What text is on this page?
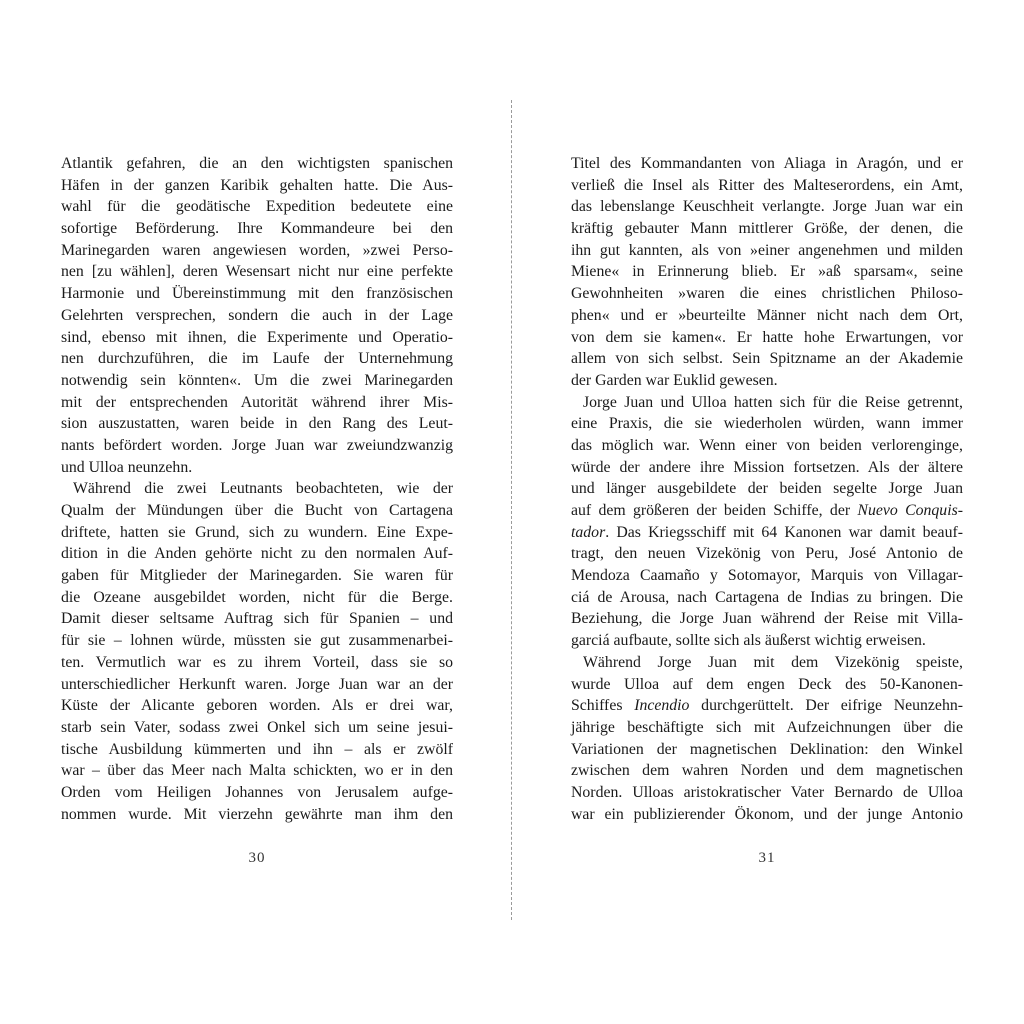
Atlantik gefahren, die an den wichtigsten spanischen
Häfen in der ganzen Karibik gehalten hatte. Die Aus-
wahl für die geodätische Expedition bedeutete eine
sofortige Beförderung. Ihre Kommandeure bei den
Marinegarden waren angewiesen worden, »zwei Perso-
nen [zu wählen], deren Wesensart nicht nur eine perfekte
Harmonie und Übereinstimmung mit den französischen
Gelehrten versprechen, sondern die auch in der Lage
sind, ebenso mit ihnen, die Experimente und Operatio-
nen durchzuführen, die im Laufe der Unternehmung
notwendig sein könnten«. Um die zwei Marinegarden
mit der entsprechenden Autorität während ihrer Mis-
sion auszustatten, waren beide in den Rang des Leut-
nants befördert worden. Jorge Juan war zweiundzwanzig
und Ulloa neunzehn.
Während die zwei Leutnants beobachteten, wie der
Qualm der Mündungen über die Bucht von Cartagena
driftete, hatten sie Grund, sich zu wundern. Eine Expe-
dition in die Anden gehörte nicht zu den normalen Auf-
gaben für Mitglieder der Marinegarden. Sie waren für
die Ozeane ausgebildet worden, nicht für die Berge.
Damit dieser seltsame Auftrag sich für Spanien – und
für sie – lohnen würde, müssten sie gut zusammenarbei-
ten. Vermutlich war es zu ihrem Vorteil, dass sie so
unterschiedlicher Herkunft waren. Jorge Juan war an der
Küste der Alicante geboren worden. Als er drei war,
starb sein Vater, sodass zwei Onkel sich um seine jesui-
tische Ausbildung kümmerten und ihn – als er zwölf
war – über das Meer nach Malta schickten, wo er in den
Orden vom Heiligen Johannes von Jerusalem aufge-
nommen wurde. Mit vierzehn gewährte man ihm den
Titel des Kommandanten von Aliaga in Aragón, und er
verließ die Insel als Ritter des Malteserordens, ein Amt,
das lebenslange Keuschheit verlangte. Jorge Juan war ein
kräftig gebauter Mann mittlerer Größe, der denen, die
ihn gut kannten, als von »einer angenehmen und milden
Miene« in Erinnerung blieb. Er »aß sparsam«, seine
Gewohnheiten »waren die eines christlichen Philoso-
phen« und er »beurteilte Männer nicht nach dem Ort,
von dem sie kamen«. Er hatte hohe Erwartungen, vor
allem von sich selbst. Sein Spitzname an der Akademie
der Garden war Euklid gewesen.
Jorge Juan und Ulloa hatten sich für die Reise getrennt,
eine Praxis, die sie wiederholen würden, wann immer
das möglich war. Wenn einer von beiden verlorenginge,
würde der andere ihre Mission fortsetzen. Als der ältere
und länger ausgebildete der beiden segelte Jorge Juan
auf dem größeren der beiden Schiffe, der Nuevo Conquis-
tador. Das Kriegsschiff mit 64 Kanonen war damit beauf-
tragt, den neuen Vizekönig von Peru, José Antonio de
Mendoza Caamaño y Sotomayor, Marquis von Villagar-
ciá de Arousa, nach Cartagena de Indias zu bringen. Die
Beziehung, die Jorge Juan während der Reise mit Villa-
garciá aufbaute, sollte sich als äußerst wichtig erweisen.
Während Jorge Juan mit dem Vizekönig speiste,
wurde Ulloa auf dem engen Deck des 50-Kanonen-
Schiffes Incendio durchgerüttelt. Der eifrige Neunzehn-
jährige beschäftigte sich mit Aufzeichnungen über die
Variationen der magnetischen Deklination: den Winkel
zwischen dem wahren Norden und dem magnetischen
Norden. Ulloas aristokratischer Vater Bernardo de Ulloa
war ein publizierender Ökonom, und der junge Antonio
30	31
